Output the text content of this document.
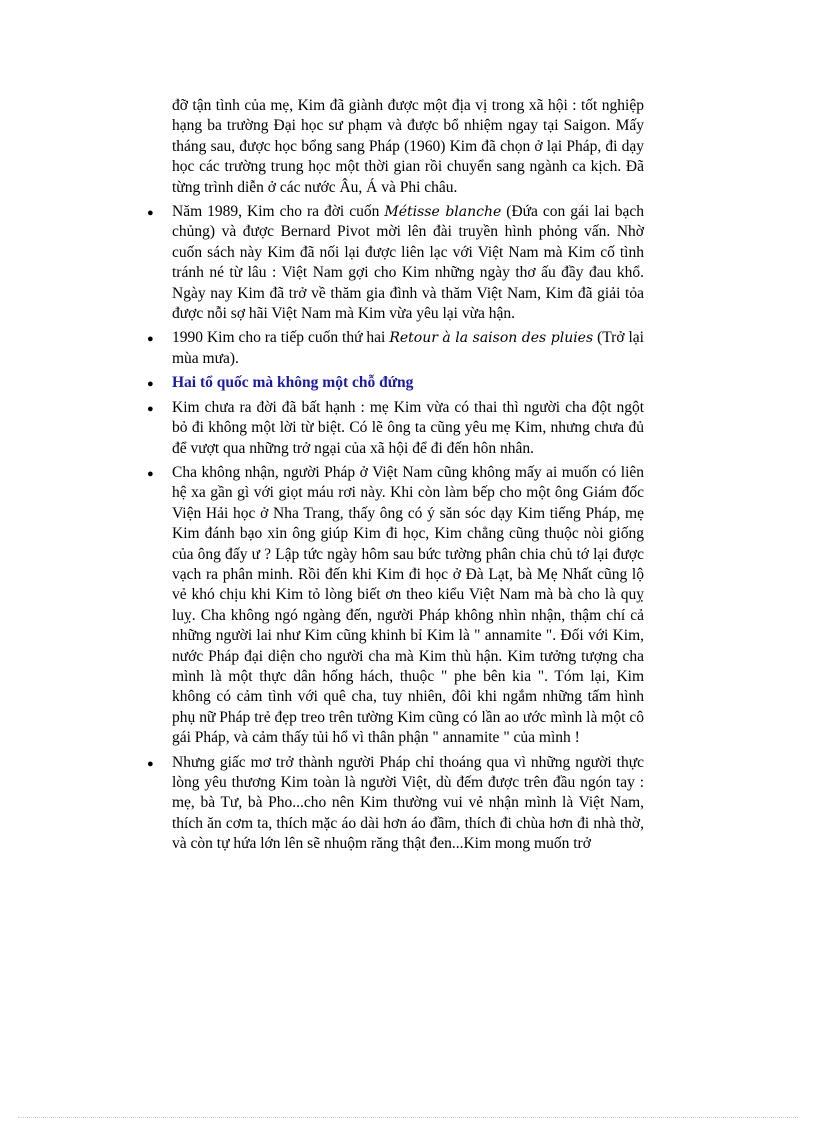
đỡ tận tình của mẹ, Kim đã giành được một địa vị trong xã hội : tốt nghiệp hạng ba trường Đại học sư phạm và được bổ nhiệm ngay tại Saigon. Mấy tháng sau, được học bổng sang Pháp (1960) Kim đã chọn ở lại Pháp, đi dạy học các trường trung học một thời gian rồi chuyển sang ngành ca kịch. Đã từng trình diễn ở các nước Âu, Á và Phi châu.

● Năm 1989, Kim cho ra đời cuốn Métisse blanche (Đứa con gái lai bạch chủng) và được Bernard Pivot mời lên đài truyền hình phỏng vấn. Nhờ cuốn sách này Kim đã nối lại được liên lạc với Việt Nam mà Kim cố tình tránh né từ lâu : Việt Nam gợi cho Kim những ngày thơ ấu đầy đau khổ. Ngày nay Kim đã trở về thăm gia đình và thăm Việt Nam, Kim đã giải tỏa được nỗi sợ hãi Việt Nam mà Kim vừa yêu lại vừa hận.
● 1990 Kim cho ra tiếp cuốn thứ hai Retour à la saison des pluies (Trở lại mùa mưa).
● Hai tổ quốc mà không một chỗ đứng
● Kim chưa ra đời đã bất hạnh : mẹ Kim vừa có thai thì người cha đột ngột bỏ đi không một lời từ biệt. Có lẽ ông ta cũng yêu mẹ Kim, nhưng chưa đủ để vượt qua những trở ngại của xã hội để đi đến hôn nhân.
● Cha không nhận, người Pháp ở Việt Nam cũng không mấy ai muốn có liên hệ xa gần gì với giọt máu rơi này. Khi còn làm bếp cho một ông Giám đốc Viện Hải học ở Nha Trang, thấy ông có ý săn sóc dạy Kim tiếng Pháp, mẹ Kim đánh bạo xin ông giúp Kim đi học, Kim chẳng cũng thuộc nòi giống của ông đấy ư ? Lập tức ngày hôm sau bức tường phân chia chủ tớ lại được vạch ra phân minh. Rồi đến khi Kim đi học ở Đà Lạt, bà Mẹ Nhất cũng lộ vẻ khó chịu khi Kim tỏ lòng biết ơn theo kiểu Việt Nam mà bà cho là quỵ luỵ. Cha không ngó ngàng đến, người Pháp không nhìn nhận, thậm chí cả những người lai như Kim cũng khinh bỉ Kim là " annamite ". Đối với Kim, nước Pháp đại diện cho người cha mà Kim thù hận. Kim tưởng tượng cha mình là một thực dân hống hách, thuộc " phe bên kia ". Tóm lại, Kim không có cảm tình với quê cha, tuy nhiên, đôi khi ngắm những tấm hình phụ nữ Pháp trẻ đẹp treo trên tường Kim cũng có lần ao ước mình là một cô gái Pháp, và cảm thấy tủi hổ vì thân phận " annamite " của mình !
● Nhưng giấc mơ trở thành người Pháp chỉ thoáng qua vì những người thực lòng yêu thương Kim toàn là người Việt, dù đếm được trên đầu ngón tay : mẹ, bà Tư, bà Pho...cho nên Kim thường vui vẻ nhận mình là Việt Nam, thích ăn cơm ta, thích mặc áo dài hơn áo đầm, thích đi chùa hơn đi nhà thờ, và còn tự hứa lớn lên sẽ nhuộm răng thật đen...Kim mong muốn trở
